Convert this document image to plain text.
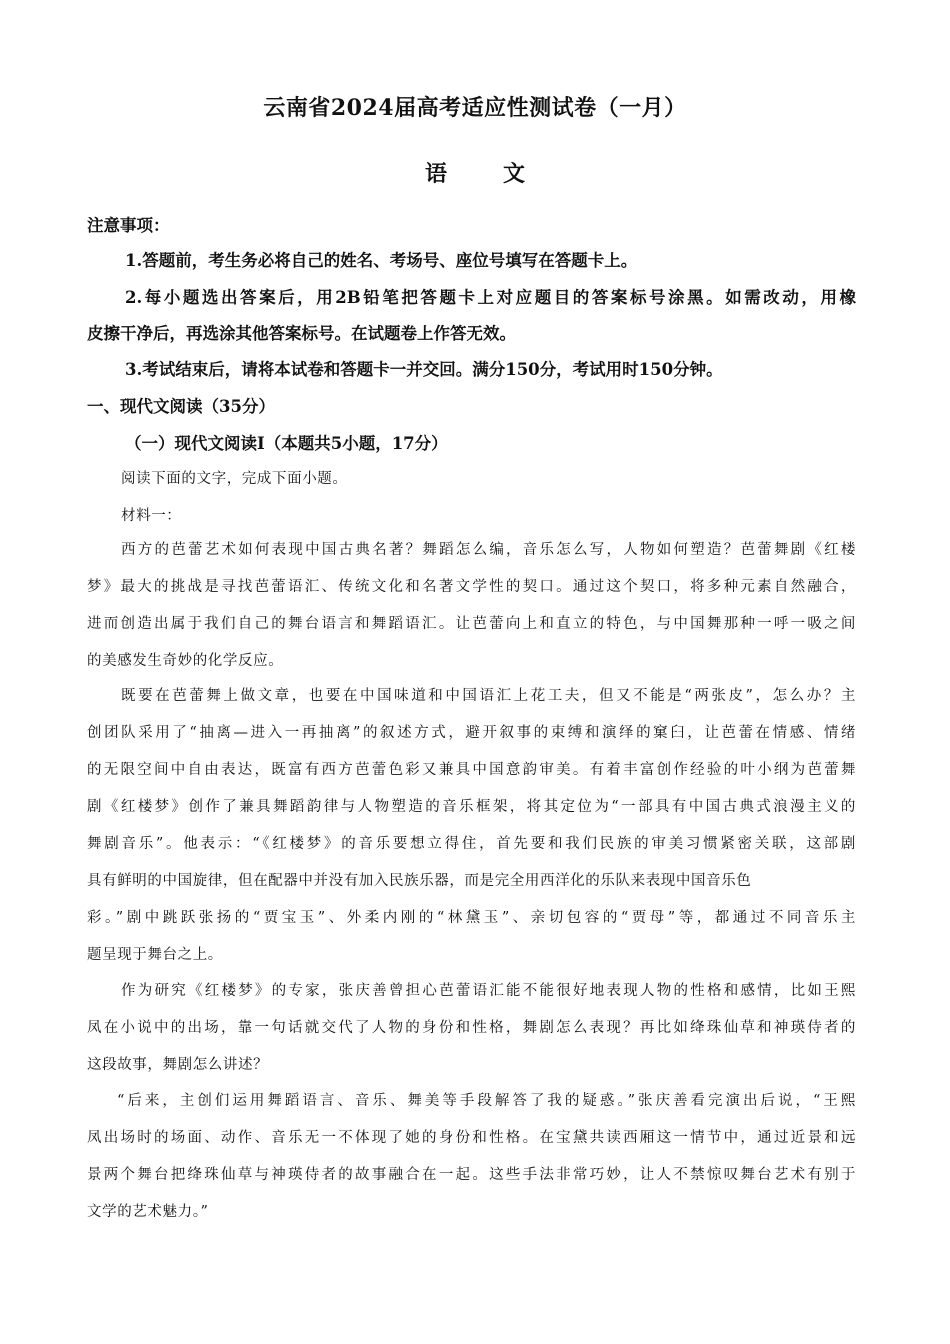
云南省2024届高考适应性测试卷（一月）
语文
注意事项：
1.答题前，考生务必将自己的姓名、考场号、座位号填写在答题卡上。
2.每小题选出答案后，用2B铅笔把答题卡上对应题目的答案标号涂黑。如需改动，用橡
皮擦干净后，再选涂其他答案标号。在试题卷上作答无效。
3.考试结束后，请将本试卷和答题卡一并交回。满分150分，考试用时150分钟。
一、现代文阅读（35分）
（一）现代文阅读Ⅰ（本题共5小题，17分）
阅读下面的文字，完成下面小题。
材料一：
西方的芭蕾艺术如何表现中国古典名著？舞蹈怎么编，音乐怎么写，人物如何塑造？芭蕾舞剧《红楼
梦》最大的挑战是寻找芭蕾语汇、传统文化和名著文学性的契口。通过这个契口，将多种元素自然融合，
进而创造出属于我们自己的舞台语言和舞蹈语汇。让芭蕾向上和直立的特色，与中国舞那种一呼一吸之间
的美感发生奇妙的化学反应。
既要在芭蕾舞上做文章，也要在中国味道和中国语汇上花工夫，但又不能是“两张皮”，怎么办？主
创团队采用了“抽离—进入一再抽离”的叙述方式，避开叙事的束缚和演绎的窠臼，让芭蕾在情感、情绪
的无限空间中自由表达，既富有西方芭蕾色彩又兼具中国意韵审美。有着丰富创作经验的叶小纲为芭蕾舞
剧《红楼梦》创作了兼具舞蹈韵律与人物塑造的音乐框架，将其定位为“一部具有中国古典式浪漫主义的
舞剧音乐”。他表示：“《红楼梦》的音乐要想立得住，首先要和我们民族的审美习惯紧密关联，这部剧
具有鲜明的中国旋律，但在配器中并没有加入民族乐器，而是完全用西洋化的乐队来表现中国音乐色
彩。”剧中跳跃张扬的“贾宝玉”、外柔内刚的“林黛玉”、亲切包容的“贾母”等，都通过不同音乐主
题呈现于舞台之上。
作为研究《红楼梦》的专家，张庆善曾担心芭蕾语汇能不能很好地表现人物的性格和感情，比如王熙
凤在小说中的出场，靠一句话就交代了人物的身份和性格，舞剧怎么表现？再比如绛珠仙草和神瑛侍者的
这段故事，舞剧怎么讲述？
“后来，主创们运用舞蹈语言、音乐、舞美等手段解答了我的疑惑。”张庆善看完演出后说，“王熙
凤出场时的场面、动作、音乐无一不体现了她的身份和性格。在宝黛共读西厢这一情节中，通过近景和远
景两个舞台把绛珠仙草与神瑛侍者的故事融合在一起。这些手法非常巧妙，让人不禁惊叹舞台艺术有别于
文学的艺术魅力。”
